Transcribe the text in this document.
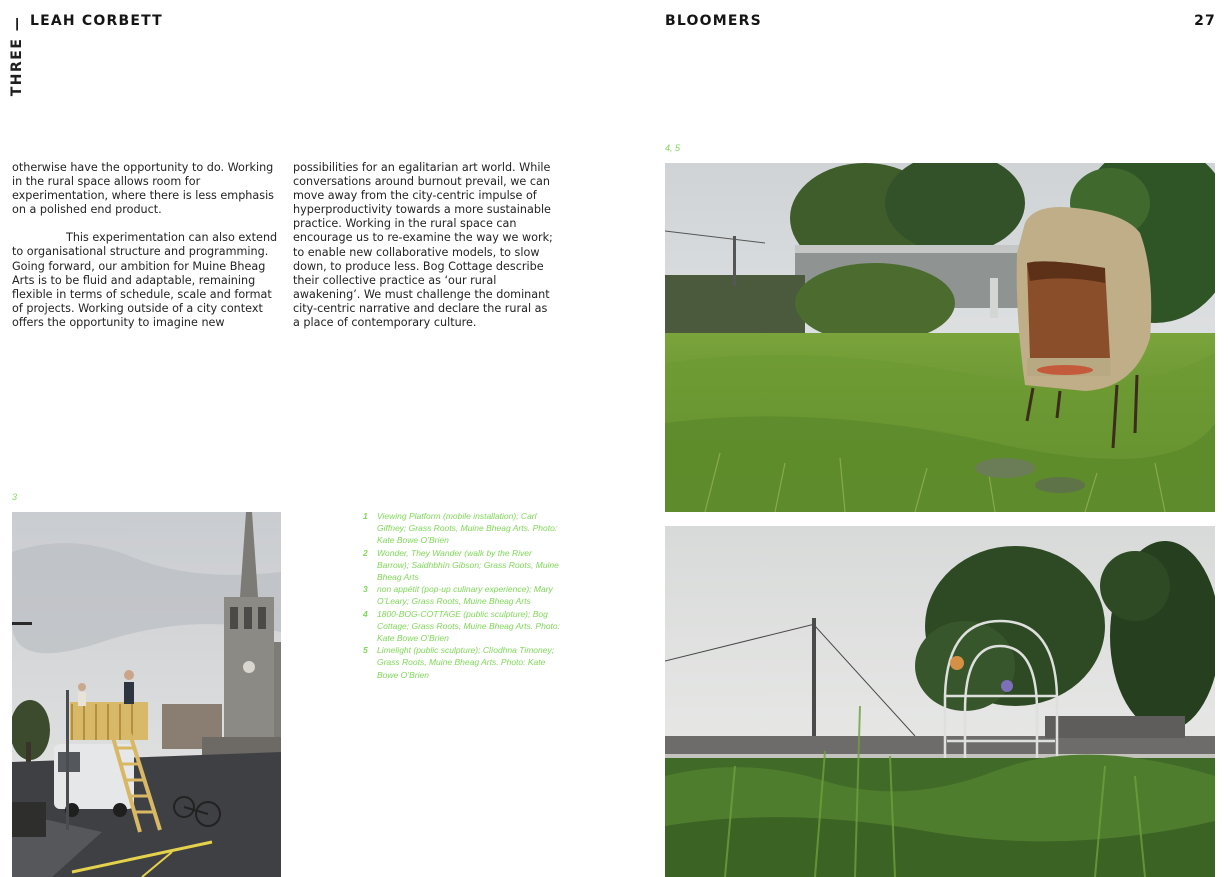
THREE — LEAH CORBETT	BLOOMERS	27

otherwise have the opportunity to do. Working in the rural space allows room for experimentation, where there is less emphasis on a polished end product.

This experimentation can also extend to organisational structure and programming. Going forward, our ambition for Muine Bheag Arts is to be fluid and adaptable, remaining flexible in terms of schedule, scale and format of projects. Working outside of a city context offers the opportunity to imagine new

possibilities for an egalitarian art world. While conversations around burnout prevail, we can move away from the city-centric impulse of hyperproductivity towards a more sustainable practice. Working in the rural space can encourage us to re-examine the way we work; to enable new collaborative models, to slow down, to produce less. Bog Cottage describe their collective practice as ‘our rural awakening’. We must challenge the dominant city-centric narrative and declare the rural as a place of contemporary culture.

4, 5
3
1	Viewing Platform (mobile installation); Carl Giffney; Grass Roots, Muine Bheag Arts. Photo: Kate Bowe O’Brien
2	Wonder, They Wander (walk by the River Barrow); Saidhbhín Gibson; Grass Roots, Muine Bheag Arts
3	non appétit (pop-up culinary experience); Mary O’Leary; Grass Roots, Muine Bheag Arts
4	1800-BOG-COTTAGE (public sculpture); Bog Cottage; Grass Roots, Muine Bheag Arts. Photo: Kate Bowe O’Brien
5	Limelight (public sculpture); Clíodhna Timoney; Grass Roots, Muine Bheag Arts. Photo: Kate Bowe O’Brien
